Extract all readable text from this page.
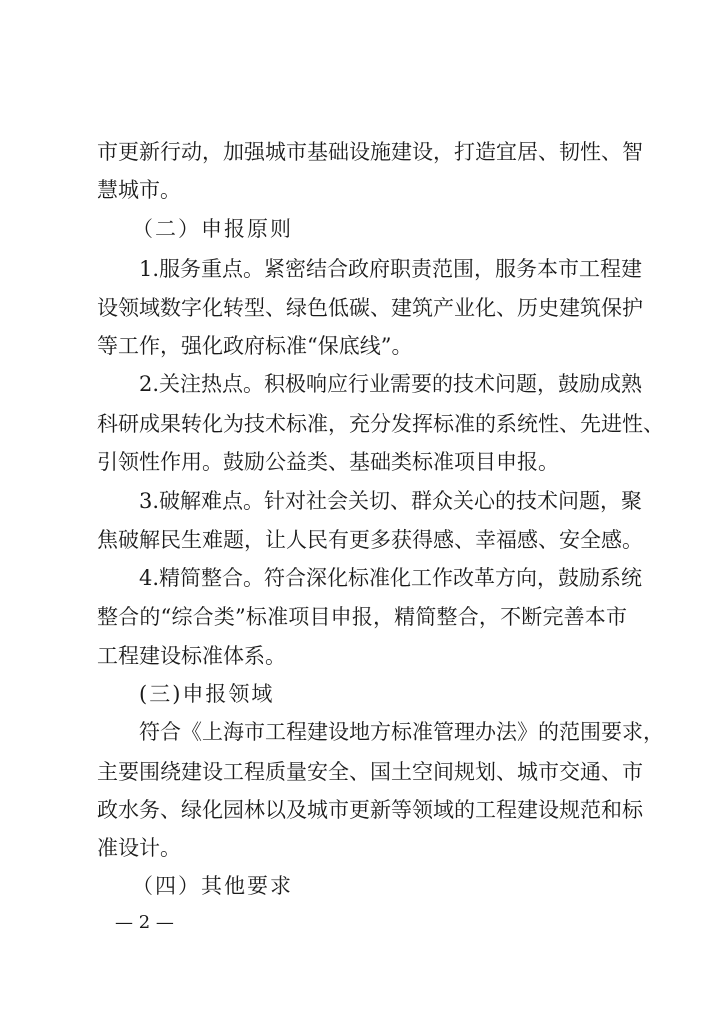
市更新行动，加强城市基础设施建设，打造宜居、韧性、智
慧城市。
（二）申报原则
1.服务重点。紧密结合政府职责范围，服务本市工程建
设领域数字化转型、绿色低碳、建筑产业化、历史建筑保护
等工作，强化政府标准“保底线”。
2.关注热点。积极响应行业需要的技术问题，鼓励成熟
科研成果转化为技术标准，充分发挥标准的系统性、先进性、
引领性作用。鼓励公益类、基础类标准项目申报。
3.破解难点。针对社会关切、群众关心的技术问题，聚
焦破解民生难题，让人民有更多获得感、幸福感、安全感。
4.精简整合。符合深化标准化工作改革方向，鼓励系统
整合的“综合类”标准项目申报，精简整合，不断完善本市
工程建设标准体系。
(三)申报领域
符合《上海市工程建设地方标准管理办法》的范围要求，
主要围绕建设工程质量安全、国土空间规划、城市交通、市
政水务、绿化园林以及城市更新等领域的工程建设规范和标
准设计。
（四）其他要求
— 2 —
